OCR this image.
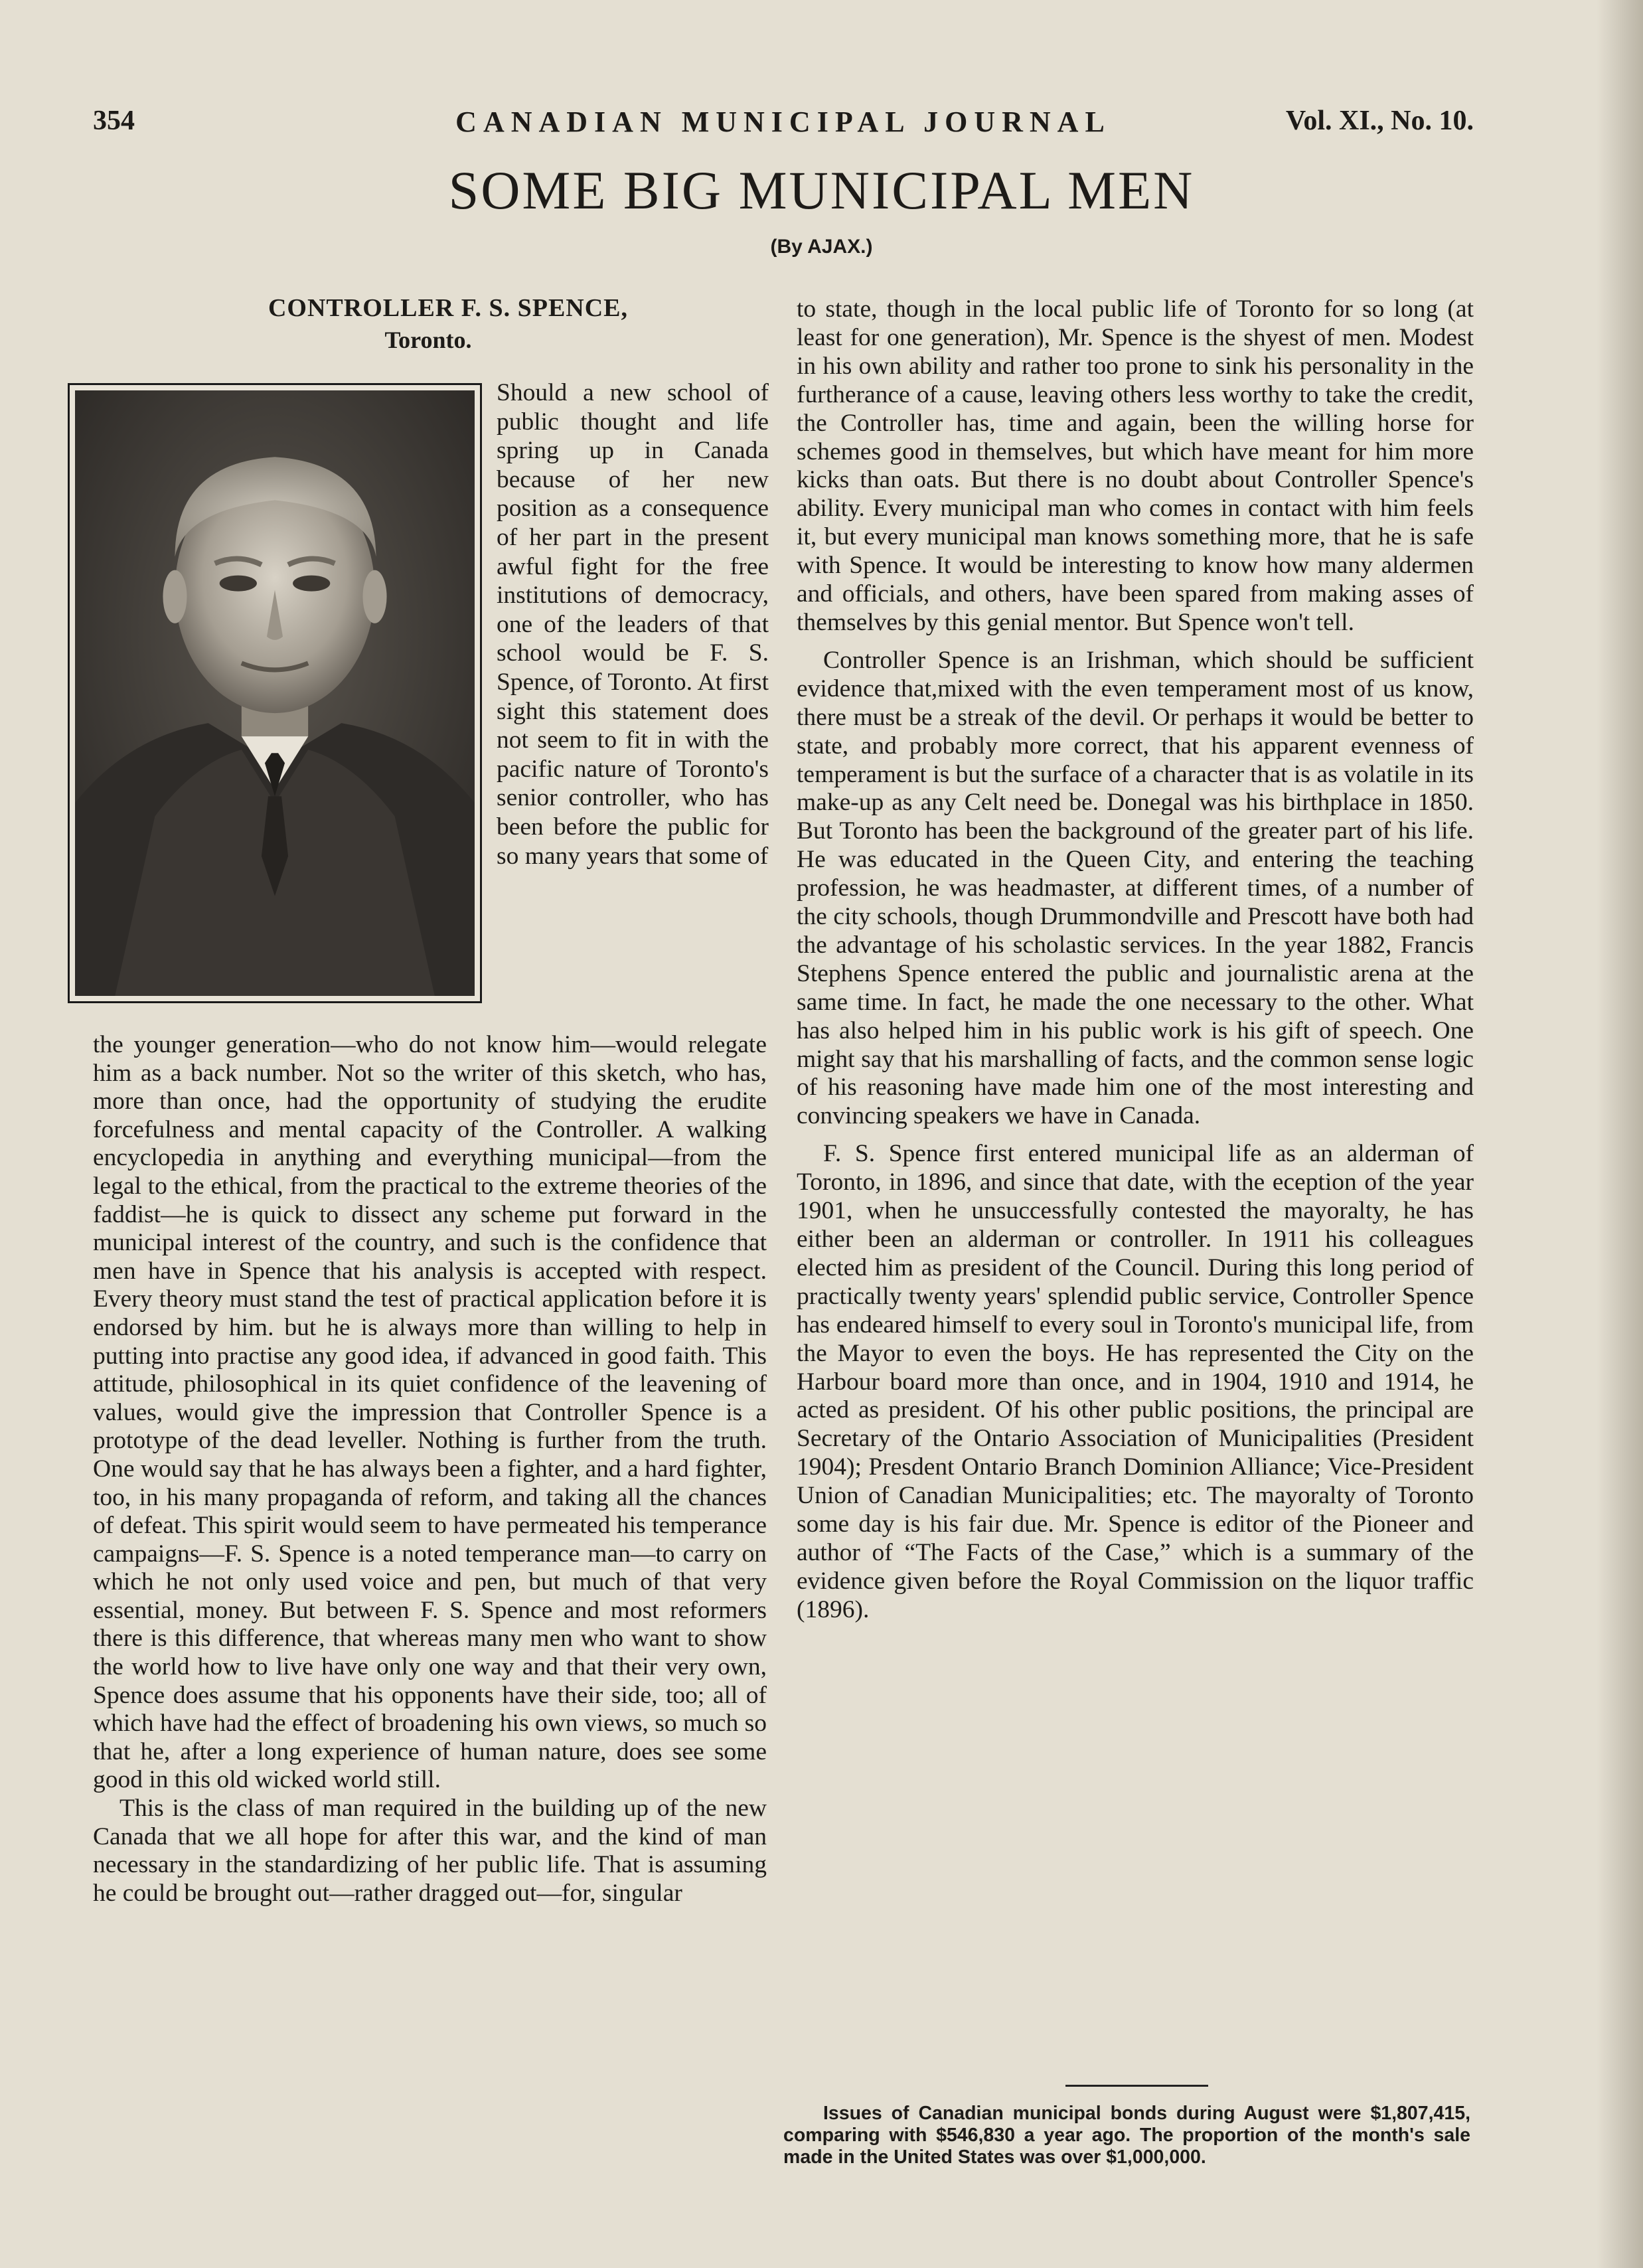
354	CANADIAN MUNICIPAL JOURNAL	Vol. XI., No. 10.
SOME BIG MUNICIPAL MEN
(By AJAX.)
CONTROLLER F. S. SPENCE,
Toronto.

Should a new school of public thought and life spring up in Canada because of her new position as a consequence of her part in the present awful fight for the free institutions of democracy, one of the leaders of that school would be F. S. Spence, of Toronto. At first sight this statement does not seem to fit in with the pacific nature of Toronto's senior controller, who has been before the public for so many years that some of

the younger generation—who do not know him—would relegate him as a back number. Not so the writer of this sketch, who has, more than once, had the opportunity of studying the erudite forcefulness and mental capacity of the Controller. A walking encyclopedia in anything and everything municipal—from the legal to the ethical, from the practical to the extreme theories of the faddist—he is quick to dissect any scheme put forward in the municipal interest of the country, and such is the confidence that men have in Spence that his analysis is accepted with respect. Every theory must stand the test of practical application before it is endorsed by him. but he is always more than willing to help in putting into practise any good idea, if advanced in good faith. This attitude, philosophical in its quiet confidence of the leavening of values, would give the impression that Controller Spence is a prototype of the dead leveller. Nothing is further from the truth. One would say that he has always been a fighter, and a hard fighter, too, in his many propaganda of reform, and taking all the chances of defeat. This spirit would seem to have permeated his temperance campaigns—F. S. Spence is a noted temperance man—to carry on which he not only used voice and pen, but much of that very essential, money. But between F. S. Spence and most reformers there is this difference, that whereas many men who want to show the world how to live have only one way and that their very own, Spence does assume that his opponents have their side, too; all of which have had the effect of broadening his own views, so much so that he, after a long experience of human nature, does see some good in this old wicked world still.

This is the class of man required in the building up of the new Canada that we all hope for after this war, and the kind of man necessary in the standardizing of her public life. That is assuming he could be brought out—rather dragged out—for, singular

to state, though in the local public life of Toronto for so long (at least for one generation), Mr. Spence is the shyest of men. Modest in his own ability and rather too prone to sink his personality in the furtherance of a cause, leaving others less worthy to take the credit, the Controller has, time and again, been the willing horse for schemes good in themselves, but which have meant for him more kicks than oats. But there is no doubt about Controller Spence's ability. Every municipal man who comes in contact with him feels it, but every municipal man knows something more, that he is safe with Spence. It would be interesting to know how many aldermen and officials, and others, have been spared from making asses of themselves by this genial mentor. But Spence won't tell.

Controller Spence is an Irishman, which should be sufficient evidence that,mixed with the even temperament most of us know, there must be a streak of the devil. Or perhaps it would be better to state, and probably more correct, that his apparent evenness of temperament is but the surface of a character that is as volatile in its make-up as any Celt need be. Donegal was his birthplace in 1850. But Toronto has been the background of the greater part of his life. He was educated in the Queen City, and entering the teaching profession, he was headmaster, at different times, of a number of the city schools, though Drummondville and Prescott have both had the advantage of his scholastic services. In the year 1882, Francis Stephens Spence entered the public and journalistic arena at the same time. In fact, he made the one necessary to the other. What has also helped him in his public work is his gift of speech. One might say that his marshalling of facts, and the common sense logic of his reasoning have made him one of the most interesting and convincing speakers we have in Canada.

F. S. Spence first entered municipal life as an alderman of Toronto, in 1896, and since that date, with the eception of the year 1901, when he unsuccessfully contested the mayoralty, he has either been an alderman or controller. In 1911 his colleagues elected him as president of the Council. During this long period of practically twenty years' splendid public service, Controller Spence has endeared himself to every soul in Toronto's municipal life, from the Mayor to even the boys. He has represented the City on the Harbour board more than once, and in 1904, 1910 and 1914, he acted as president. Of his other public positions, the principal are Secretary of the Ontario Association of Municipalities (President 1904); Presdent Ontario Branch Dominion Alliance; Vice-President Union of Canadian Municipalities; etc. The mayoralty of Toronto some day is his fair due. Mr. Spence is editor of the Pioneer and author of “The Facts of the Case,” which is a summary of the evidence given before the Royal Commission on the liquor traffic (1896).

Issues of Canadian municipal bonds during August were $1,807,415, comparing with $546,830 a year ago. The proportion of the month's sale made in the United States was over $1,000,000.
